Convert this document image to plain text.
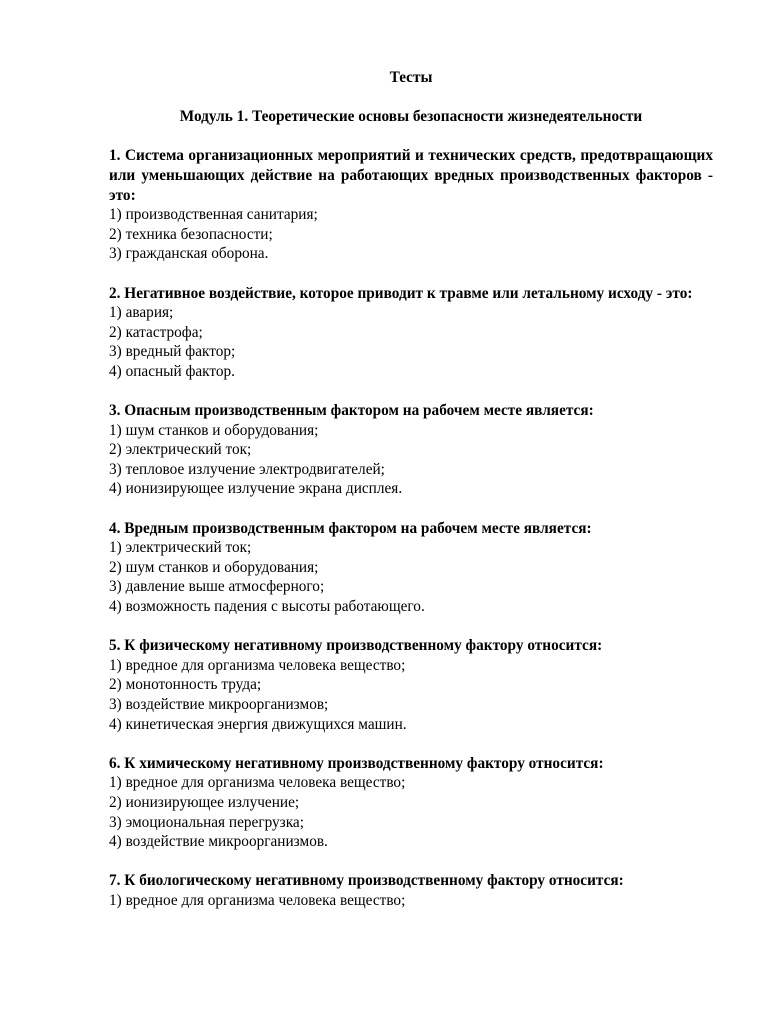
Тесты

Модуль 1. Теоретические основы безопасности жизнедеятельности

1. Система организационных мероприятий и технических средств, предотвращающих или уменьшающих действие на работающих вредных производственных факторов - это:

1) производственная санитария;

2) техника безопасности;

3) гражданская оборона.

2. Негативное воздействие, которое приводит к травме или летальному исходу - это:

1) авария;

2) катастрофа;

3) вредный фактор;

4) опасный фактор.

3. Опасным производственным фактором на рабочем месте является:

1) шум станков и оборудования;

2) электрический ток;

3) тепловое излучение электродвигателей;

4) ионизирующее излучение экрана дисплея.

4. Вредным производственным фактором на рабочем месте является:

1) электрический ток;

2) шум станков и оборудования;

3) давление выше атмосферного;

4) возможность падения с высоты работающего.

5. К физическому негативному производственному фактору относится:

1) вредное для организма человека вещество;

2) монотонность труда;

3) воздействие микроорганизмов;

4) кинетическая энергия движущихся машин.

6. К химическому негативному производственному фактору относится:

1) вредное для организма человека вещество;

2) ионизирующее излучение;

3) эмоциональная перегрузка;

4) воздействие микроорганизмов.

7. К биологическому негативному производственному фактору относится:

1) вредное для организма человека вещество;
